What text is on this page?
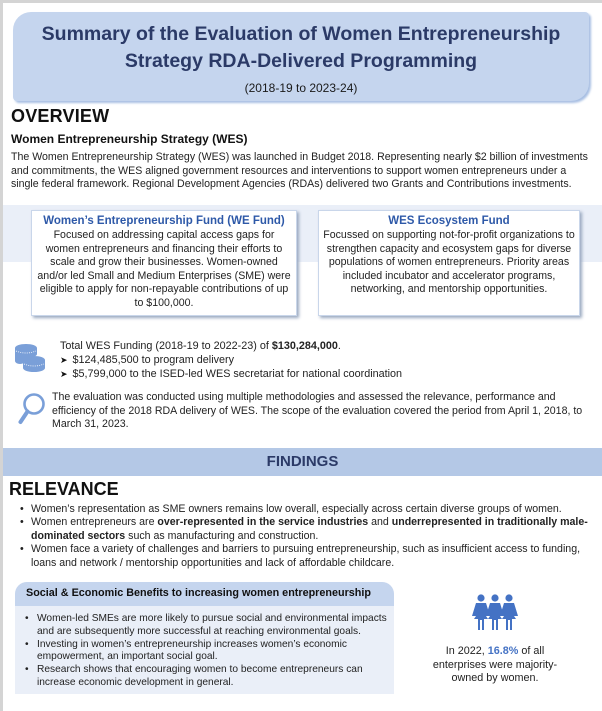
Summary of the Evaluation of Women Entrepreneurship Strategy RDA-Delivered Programming
(2018-19 to 2023-24)
OVERVIEW
Women Entrepreneurship Strategy (WES)
The Women Entrepreneurship Strategy (WES) was launched in Budget 2018. Representing nearly $2 billion of investments and commitments, the WES aligned government resources and interventions to support women entrepreneurs under a single federal framework. Regional Development Agencies (RDAs) delivered two Grants and Contributions investments.
Women’s Entrepreneurship Fund (WE Fund)
Focused on addressing capital access gaps for women entrepreneurs and financing their efforts to scale and grow their businesses. Women-owned and/or led Small and Medium Enterprises (SME) were eligible to apply for non-repayable contributions of up to $100,000.
WES Ecosystem Fund
Focussed on supporting not-for-profit organizations to strengthen capacity and ecosystem gaps for diverse populations of women entrepreneurs. Priority areas included incubator and accelerator programs, networking, and mentorship opportunities.
Total WES Funding (2018-19 to 2022-23) of $130,284,000.
➤ $124,485,500 to program delivery
➤ $5,799,000 to the ISED-led WES secretariat for national coordination
The evaluation was conducted using multiple methodologies and assessed the relevance, performance and efficiency of the 2018 RDA delivery of WES. The scope of the evaluation covered the period from April 1, 2018, to March 31, 2023.
FINDINGS
RELEVANCE
• Women’s representation as SME owners remains low overall, especially across certain diverse groups of women.
• Women entrepreneurs are over-represented in the service industries and underrepresented in traditionally male-dominated sectors such as manufacturing and construction.
• Women face a variety of challenges and barriers to pursuing entrepreneurship, such as insufficient access to funding, loans and network / mentorship opportunities and lack of affordable childcare.
Social & Economic Benefits to increasing women entrepreneurship
• Women-led SMEs are more likely to pursue social and environmental impacts and are subsequently more successful at reaching environmental goals.
• Investing in women’s entrepreneurship increases women’s economic empowerment, an important social goal.
• Research shows that encouraging women to become entrepreneurs can increase economic development in general.
In 2022, 16.8% of all enterprises were majority-owned by women.
